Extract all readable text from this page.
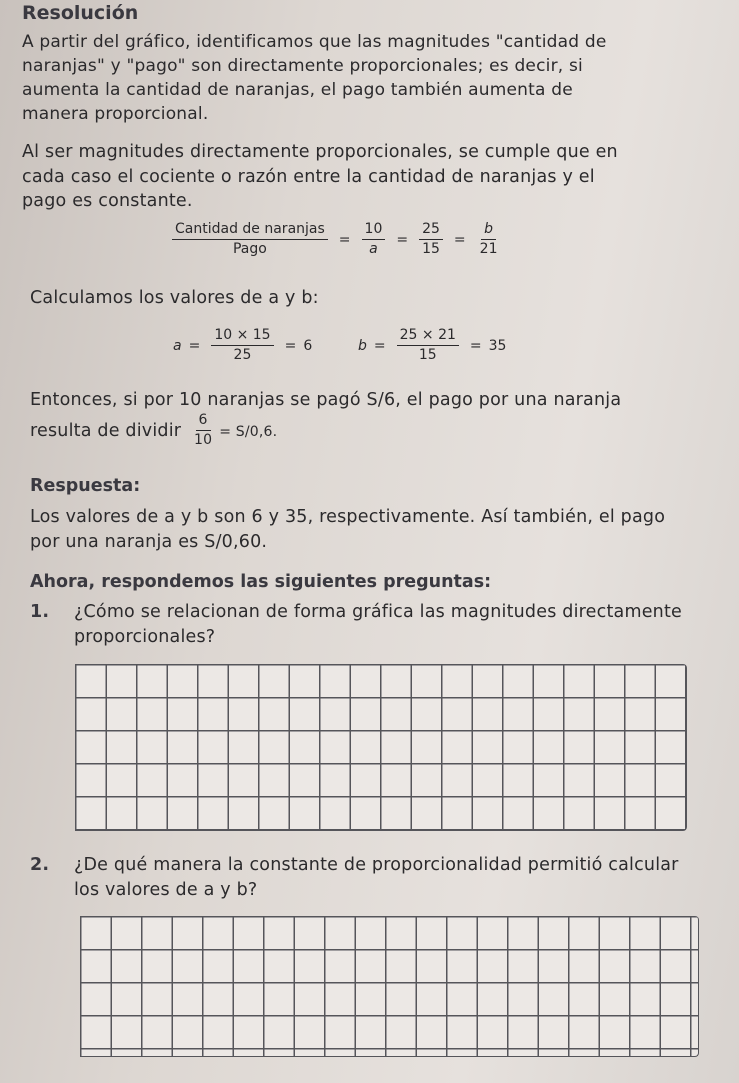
Resolución

A partir del gráfico, identificamos que las magnitudes "cantidad de naranjas" y "pago" son directamente proporcionales; es decir, si aumenta la cantidad de naranjas, el pago también aumenta de manera proporcional.

Al ser magnitudes directamente proporcionales, se cumple que en cada caso el cociente o razón entre la cantidad de naranjas y el pago es constante.

$\frac{\text{Cantidad de naranjas}}{\text{Pago}} = \frac{10}{a} = \frac{25}{15} = \frac{b}{21}$

Calculamos los valores de a y b:

$a = \frac{10 \times 15}{25} = 6$	$b = \frac{25 \times 21}{15} = 35$
Entonces, si por 10 naranjas se pagó S/6, el pago por una naranja resulta de dividir $\frac{6}{10} = S/0,6$.
Respuesta:

Los valores de a y b son 6 y 35, respectivamente. Así también, el pago por una naranja es S/0,60.

Ahora, respondemos las siguientes preguntas:
1.	¿Cómo se relacionan de forma gráfica las magnitudes directamente proporcionales?
2.	¿De qué manera la constante de proporcionalidad permitió calcular los valores de a y b?
